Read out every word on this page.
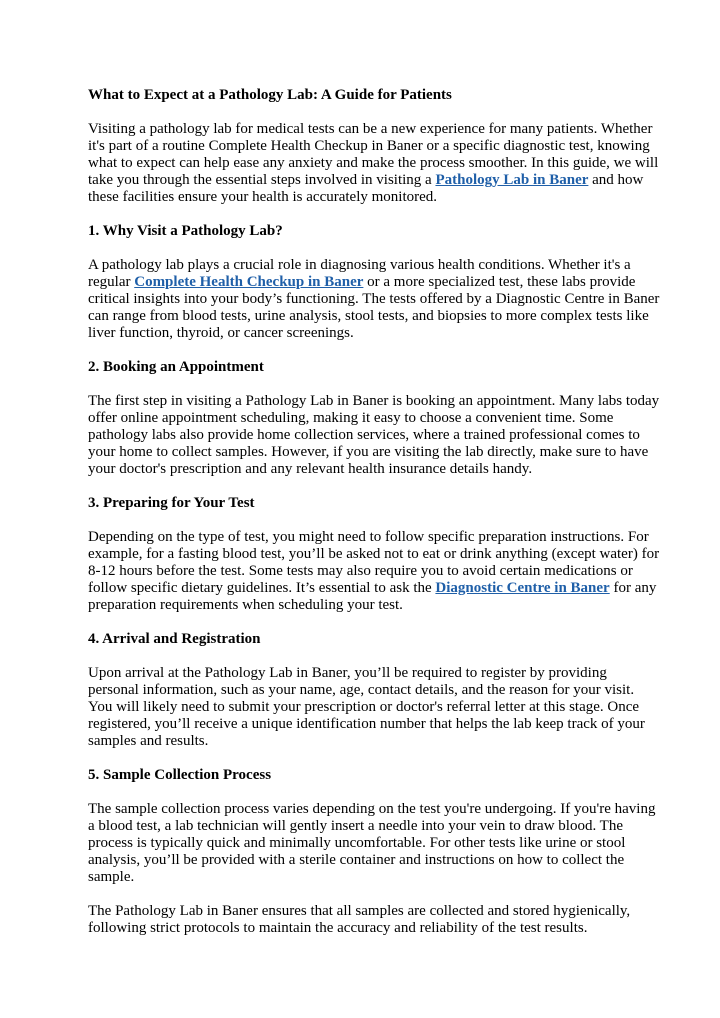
What to Expect at a Pathology Lab: A Guide for Patients

Visiting a pathology lab for medical tests can be a new experience for many patients. Whether it's part of a routine Complete Health Checkup in Baner or a specific diagnostic test, knowing what to expect can help ease any anxiety and make the process smoother. In this guide, we will take you through the essential steps involved in visiting a Pathology Lab in Baner and how these facilities ensure your health is accurately monitored.

1. Why Visit a Pathology Lab?

A pathology lab plays a crucial role in diagnosing various health conditions. Whether it's a regular Complete Health Checkup in Baner or a more specialized test, these labs provide critical insights into your body’s functioning. The tests offered by a Diagnostic Centre in Baner can range from blood tests, urine analysis, stool tests, and biopsies to more complex tests like liver function, thyroid, or cancer screenings.

2. Booking an Appointment

The first step in visiting a Pathology Lab in Baner is booking an appointment. Many labs today offer online appointment scheduling, making it easy to choose a convenient time. Some pathology labs also provide home collection services, where a trained professional comes to your home to collect samples. However, if you are visiting the lab directly, make sure to have your doctor's prescription and any relevant health insurance details handy.

3. Preparing for Your Test

Depending on the type of test, you might need to follow specific preparation instructions. For example, for a fasting blood test, you’ll be asked not to eat or drink anything (except water) for 8-12 hours before the test. Some tests may also require you to avoid certain medications or follow specific dietary guidelines. It’s essential to ask the Diagnostic Centre in Baner for any preparation requirements when scheduling your test.

4. Arrival and Registration

Upon arrival at the Pathology Lab in Baner, you’ll be required to register by providing personal information, such as your name, age, contact details, and the reason for your visit. You will likely need to submit your prescription or doctor's referral letter at this stage. Once registered, you’ll receive a unique identification number that helps the lab keep track of your samples and results.

5. Sample Collection Process

The sample collection process varies depending on the test you're undergoing. If you're having a blood test, a lab technician will gently insert a needle into your vein to draw blood. The process is typically quick and minimally uncomfortable. For other tests like urine or stool analysis, you’ll be provided with a sterile container and instructions on how to collect the sample.

The Pathology Lab in Baner ensures that all samples are collected and stored hygienically, following strict protocols to maintain the accuracy and reliability of the test results.
